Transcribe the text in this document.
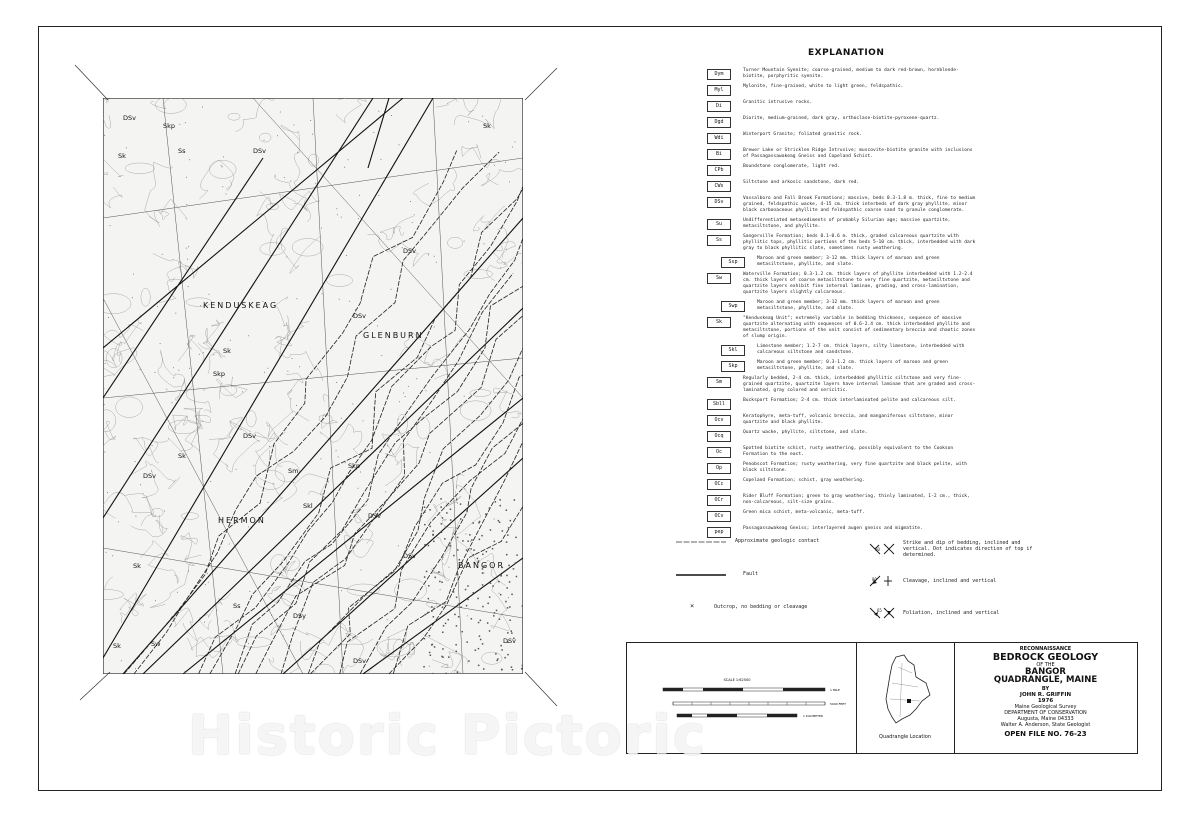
DSv
Skp
Sk
DSv
Ss
KENDUSKEAG
GLENBURN
Sk
DSv
Skp
DSv
Sk
DSv
Sm
Skl
DSv
HERMON	DSv
Skp
Sk
DSv
BANGOR
Sw
Ss
DSv
Sk
DSy
DSv
Sk
EXPLANATION
Dym
Turner Mountain Syenite; coarse-grained, medium to dark red-brown, hornblende-biotite, porphyritic syenite.
Myl
Mylonite, fine-grained, white to light green, feldspathic.
Di
Granitic intrusive rocks.
Dgd
Diorite, medium-grained, dark gray, orthoclase-biotite-pyroxene-quartz.
Wdi
Winterport Granite; foliated granitic rock.
Bi
Brewer Lake or Stricklen Ridge Intrusive; muscovite-biotite granite with inclusions of Passagassawakeag Gneiss and Copeland Schist.
CPb
Boundstone conglomerate, light red.
CWs
Siltstone and arkosic sandstone, dark red.
DSv
Vassalboro and Fall Brook Formations; massive, beds 0.3-1.8 m. thick, fine to medium grained, feldspathic wacke, 4-15 cm. thick interbeds of dark gray phyllite, minor black carbonaceous phyllite and feldspathic coarse sand to granule conglomerate.
Su
Undifferentiated metasediments of probably Silurian age; massive quartzite, metasiltstone, and phyllite.
Ss
Sangerville Formation; beds 0.1-0.6 m. thick, graded calcareous quartzite with phyllitic tops, phyllitic portions of the beds 5-10 cm. thick, interbedded with dark gray to black phyllitic slate, sometimes rusty weathering.
Ssp
Maroon and green member; 3-12 mm. thick layers of maroon and green metasiltstone, phyllite, and slate.
Sw
Waterville Formation; 0.3-1.2 cm. thick layers of phyllite interbedded with 1.2-2.4 cm. thick layers of coarse metasiltstone to very fine quartzite, metasiltstone and quartzite layers exhibit fine internal laminae, grading, and cross-lamination, quartzite layers slightly calcareous.
Swp
Maroon and green member; 3-12 mm. thick layers of maroon and green metasiltstone, phyllite, and slate.
Sk
"Kenduskeag Unit"; extremely variable in bedding thickness, sequence of massive quartzite alternating with sequences of 0.6-2.4 cm. thick interbedded phyllite and metasiltstone, portions of the unit consist of sedimentary breccia and chaotic zones of slump origin.
Skl
Limestone member; 1.2-7 cm. thick layers, silty limestone, interbedded with calcareous siltstone and sandstone.
Skp
Maroon and green member; 0.3-1.2 cm. thick layers of maroon and green metasiltstone, phyllite, and slate.
Sm
Regularly bedded, 2-4 cm. thick, interbedded phyllitic siltstone and very fine-grained quartzite, quartzite layers have internal laminae that are graded and cross-laminated, gray colored and sericitic.
Sbll
Bucksport Formation; 2-4 cm. thick interlaminated pelite and calcareous silt.
Ocv
Keratophyre, meta-tuff, volcanic breccia, and manganiferous siltstone, minor quartzite and black phyllite.
Ocq
Quartz wacke, phyllite, siltstone, and slate.
Oc
Spotted biotite schist, rusty weathering, possibly equivalent to the Cookson Formation to the east.
Op
Penobscot Formation; rusty weathering, very fine quartzite and black pelite, with black siltstone.
OCc
Copeland Formation; schist, gray weathering.
OCr
Rider Bluff Formation; green to gray weathering, thinly laminated, 1-2 cm., thick, non-calcareous, silt-size grains.
OCv
Green mica schist, meta-volcanic, meta-tuff.
pep
Passagassawakeag Gneiss; interlayered augen gneiss and migmatite.
Approximate geologic contact
Fault
×	Outcrop, no bedding or cleavage
60
Strike and dip of bedding, inclined and vertical. Dot indicates direction of top if determined.
80	Cleavage, inclined and vertical
65	Foliation, inclined and vertical
SCALE 1:62500
1 MILE
5000 FEET
1 KILOMETER
Quadrangle Location
RECONNAISSANCE
BEDROCK GEOLOGY
OF THE
BANGOR
QUADRANGLE, MAINE
BY
JOHN R. GRIFFIN
1976
Maine Geological Survey
DEPARTMENT OF CONSERVATION
Augusta, Maine 04333
Walter A. Anderson, State Geologist
OPEN FILE NO. 76-23
Historic Pictoric
